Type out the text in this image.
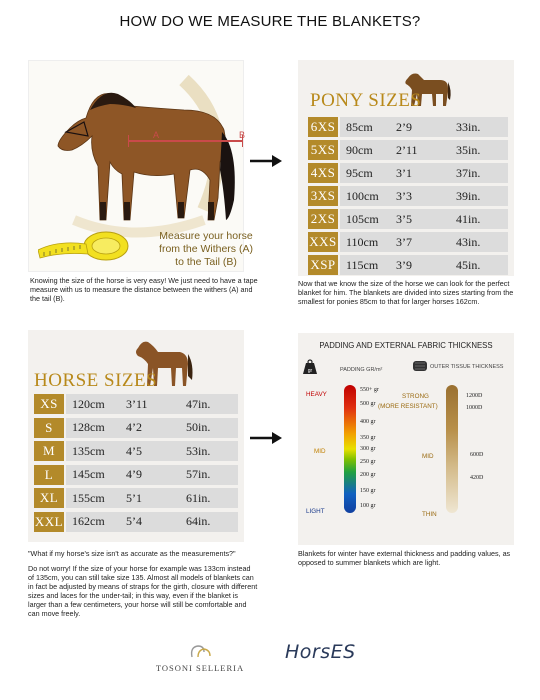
HOW DO WE MEASURE THE BLANKETS?
A	B
Measure your horse
from the Withers (A)
to the Tail (B)
Knowing the size of the horse is very easy! We just need to have a tape measure with us to measure the distance between the withers (A) and the tail (B).
PONY SIZES
6XS 85cm	2’9	33in.
5XS 90cm	2’11	35in.
4XS 95cm	3’1	37in.
3XS 100cm	3’3	39in.
2XS 105cm	3’5	41in.
XXS 110cm	3’7	43in.
XSP 115cm	3’9	45in.
Now that we know the size of the horse we can look for the perfect blanket for him. The blankets are divided into sizes starting from the smallest for ponies 85cm to that for larger horses 162cm.
HORSE SIZES
XS	120cm	3’11	47in.
S	128cm	4’2	50in.
M	135cm	4’5	53in.
L	145cm	4’9	57in.
XL	155cm	5’1	61in.
XXL 162cm	5’4	64in.
"What if my horse's size isn't as accurate as the measurements?"
Do not worry! If the size of your horse for example was 133cm instead of 135cm, you can still take size 135. Almost all models of blankets can in fact be adjusted by means of straps for the girth, closure with different sizes and laces for the under-tail; in this way, even if the blanket is larger than a few centimeters, your horse will still be comfortable and can move freely.
PADDING AND EXTERNAL FABRIC THICKNESS
gr	PADDING GR/m²	OUTER TISSUE THICKNESS
HEAVY
MID
LIGHT
550+ gr
500 gr
400 gr
350 gr
300 gr
250 gr
200 gr
150 gr
100 gr
STRONG
(MORE RESISTANT)
MID
THIN
1200D
1000D
600D
420D
Blankets for winter have external thickness and padding values, as opposed to summer blankets which are light.
TOSONI SELLERIA
HorsES
